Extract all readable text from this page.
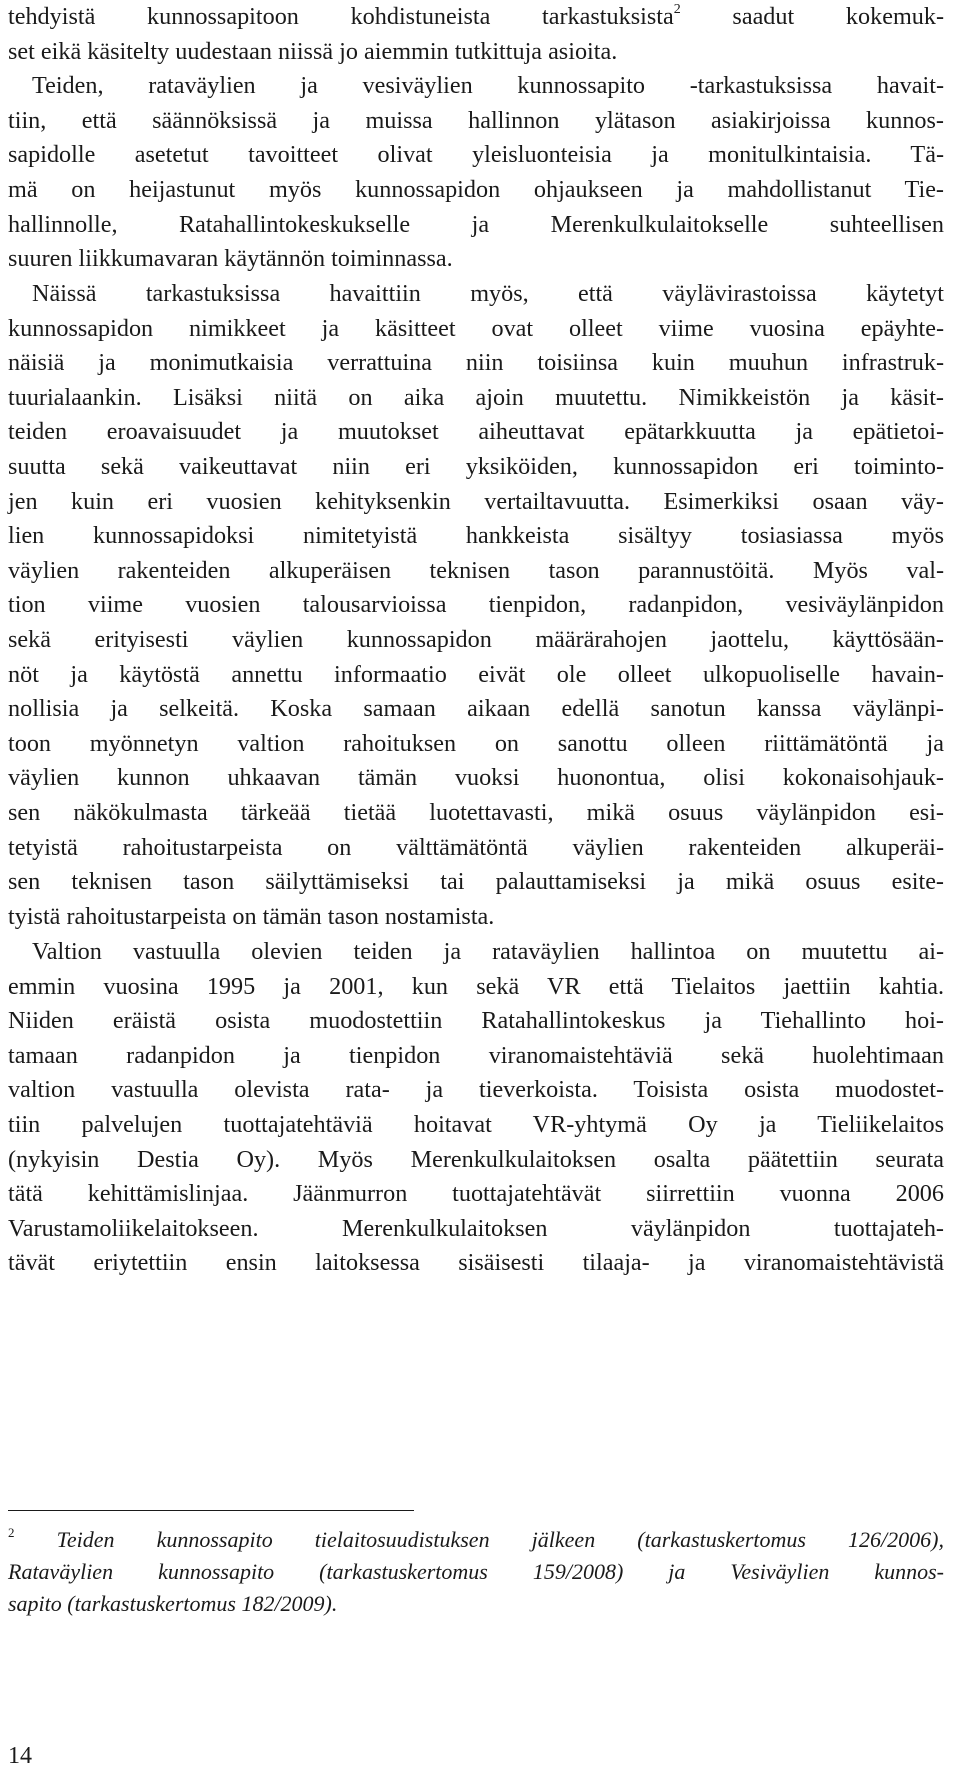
tehdyistä kunnossapitoon kohdistuneista tarkastuksista$^2$ saadut kokemuk-
set eikä käsitelty uudestaan niissä jo aiemmin tutkittuja asioita.
Teiden, rataväylien ja vesiväylien kunnossapito -tarkastuksissa havait-
tiin, että säännöksissä ja muissa hallinnon ylätason asiakirjoissa kunnos-
sapidolle asetetut tavoitteet olivat yleisluonteisia ja monitulkintaisia. Tä-
mä on heijastunut myös kunnossapidon ohjaukseen ja mahdollistanut Tie-
hallinnolle, Ratahallintokeskukselle ja Merenkulkulaitokselle suhteellisen
suuren liikkumavaran käytännön toiminnassa.
Näissä tarkastuksissa havaittiin myös, että väylävirastoissa käytetyt
kunnossapidon nimikkeet ja käsitteet ovat olleet viime vuosina epäyhte-
näisiä ja monimutkaisia verrattuina niin toisiinsa kuin muuhun infrastruk-
tuurialaankin. Lisäksi niitä on aika ajoin muutettu. Nimikkeistön ja käsit-
teiden eroavaisuudet ja muutokset aiheuttavat epätarkkuutta ja epätietoi-
suutta sekä vaikeuttavat niin eri yksiköiden, kunnossapidon eri toiminto-
jen kuin eri vuosien kehityksenkin vertailtavuutta. Esimerkiksi osaan väy-
lien kunnossapidoksi nimitetyistä hankkeista sisältyy tosiasiassa myös
väylien rakenteiden alkuperäisen teknisen tason parannustöitä. Myös val-
tion viime vuosien talousarvioissa tienpidon, radanpidon, vesiväylänpidon
sekä erityisesti väylien kunnossapidon määrärahojen jaottelu, käyttösään-
nöt ja käytöstä annettu informaatio eivät ole olleet ulkopuoliselle havain-
nollisia ja selkeitä. Koska samaan aikaan edellä sanotun kanssa väylänpi-
toon myönnetyn valtion rahoituksen on sanottu olleen riittämätöntä ja
väylien kunnon uhkaavan tämän vuoksi huonontua, olisi kokonaisohjauk-
sen näkökulmasta tärkeää tietää luotettavasti, mikä osuus väylänpidon esi-
tetyistä rahoitustarpeista on välttämätöntä väylien rakenteiden alkuperäi-
sen teknisen tason säilyttämiseksi tai palauttamiseksi ja mikä osuus esite-
tyistä rahoitustarpeista on tämän tason nostamista.
Valtion vastuulla olevien teiden ja rataväylien hallintoa on muutettu ai-
emmin vuosina 1995 ja 2001, kun sekä VR että Tielaitos jaettiin kahtia.
Niiden eräistä osista muodostettiin Ratahallintokeskus ja Tiehallinto hoi-
tamaan radanpidon ja tienpidon viranomaistehtäviä sekä huolehtimaan
valtion vastuulla olevista rata- ja tieverkoista. Toisista osista muodostet-
tiin palvelujen tuottajatehtäviä hoitavat VR-yhtymä Oy ja Tieliikelaitos
(nykyisin Destia Oy). Myös Merenkulkulaitoksen osalta päätettiin seurata
tätä kehittämislinjaa. Jäänmurron tuottajatehtävät siirrettiin vuonna 2006
Varustamoliikelaitokseen. Merenkulkulaitoksen väylänpidon tuottajateh-
tävät eriytettiin ensin laitoksessa sisäisesti tilaaja- ja viranomaistehtävistä
$^2$ Teiden kunnossapito tielaitosuudistuksen jälkeen (tarkastuskertomus 126/2006),
Rataväylien kunnossapito (tarkastuskertomus 159/2008) ja Vesiväylien kunnos-
sapito (tarkastuskertomus 182/2009).
14
